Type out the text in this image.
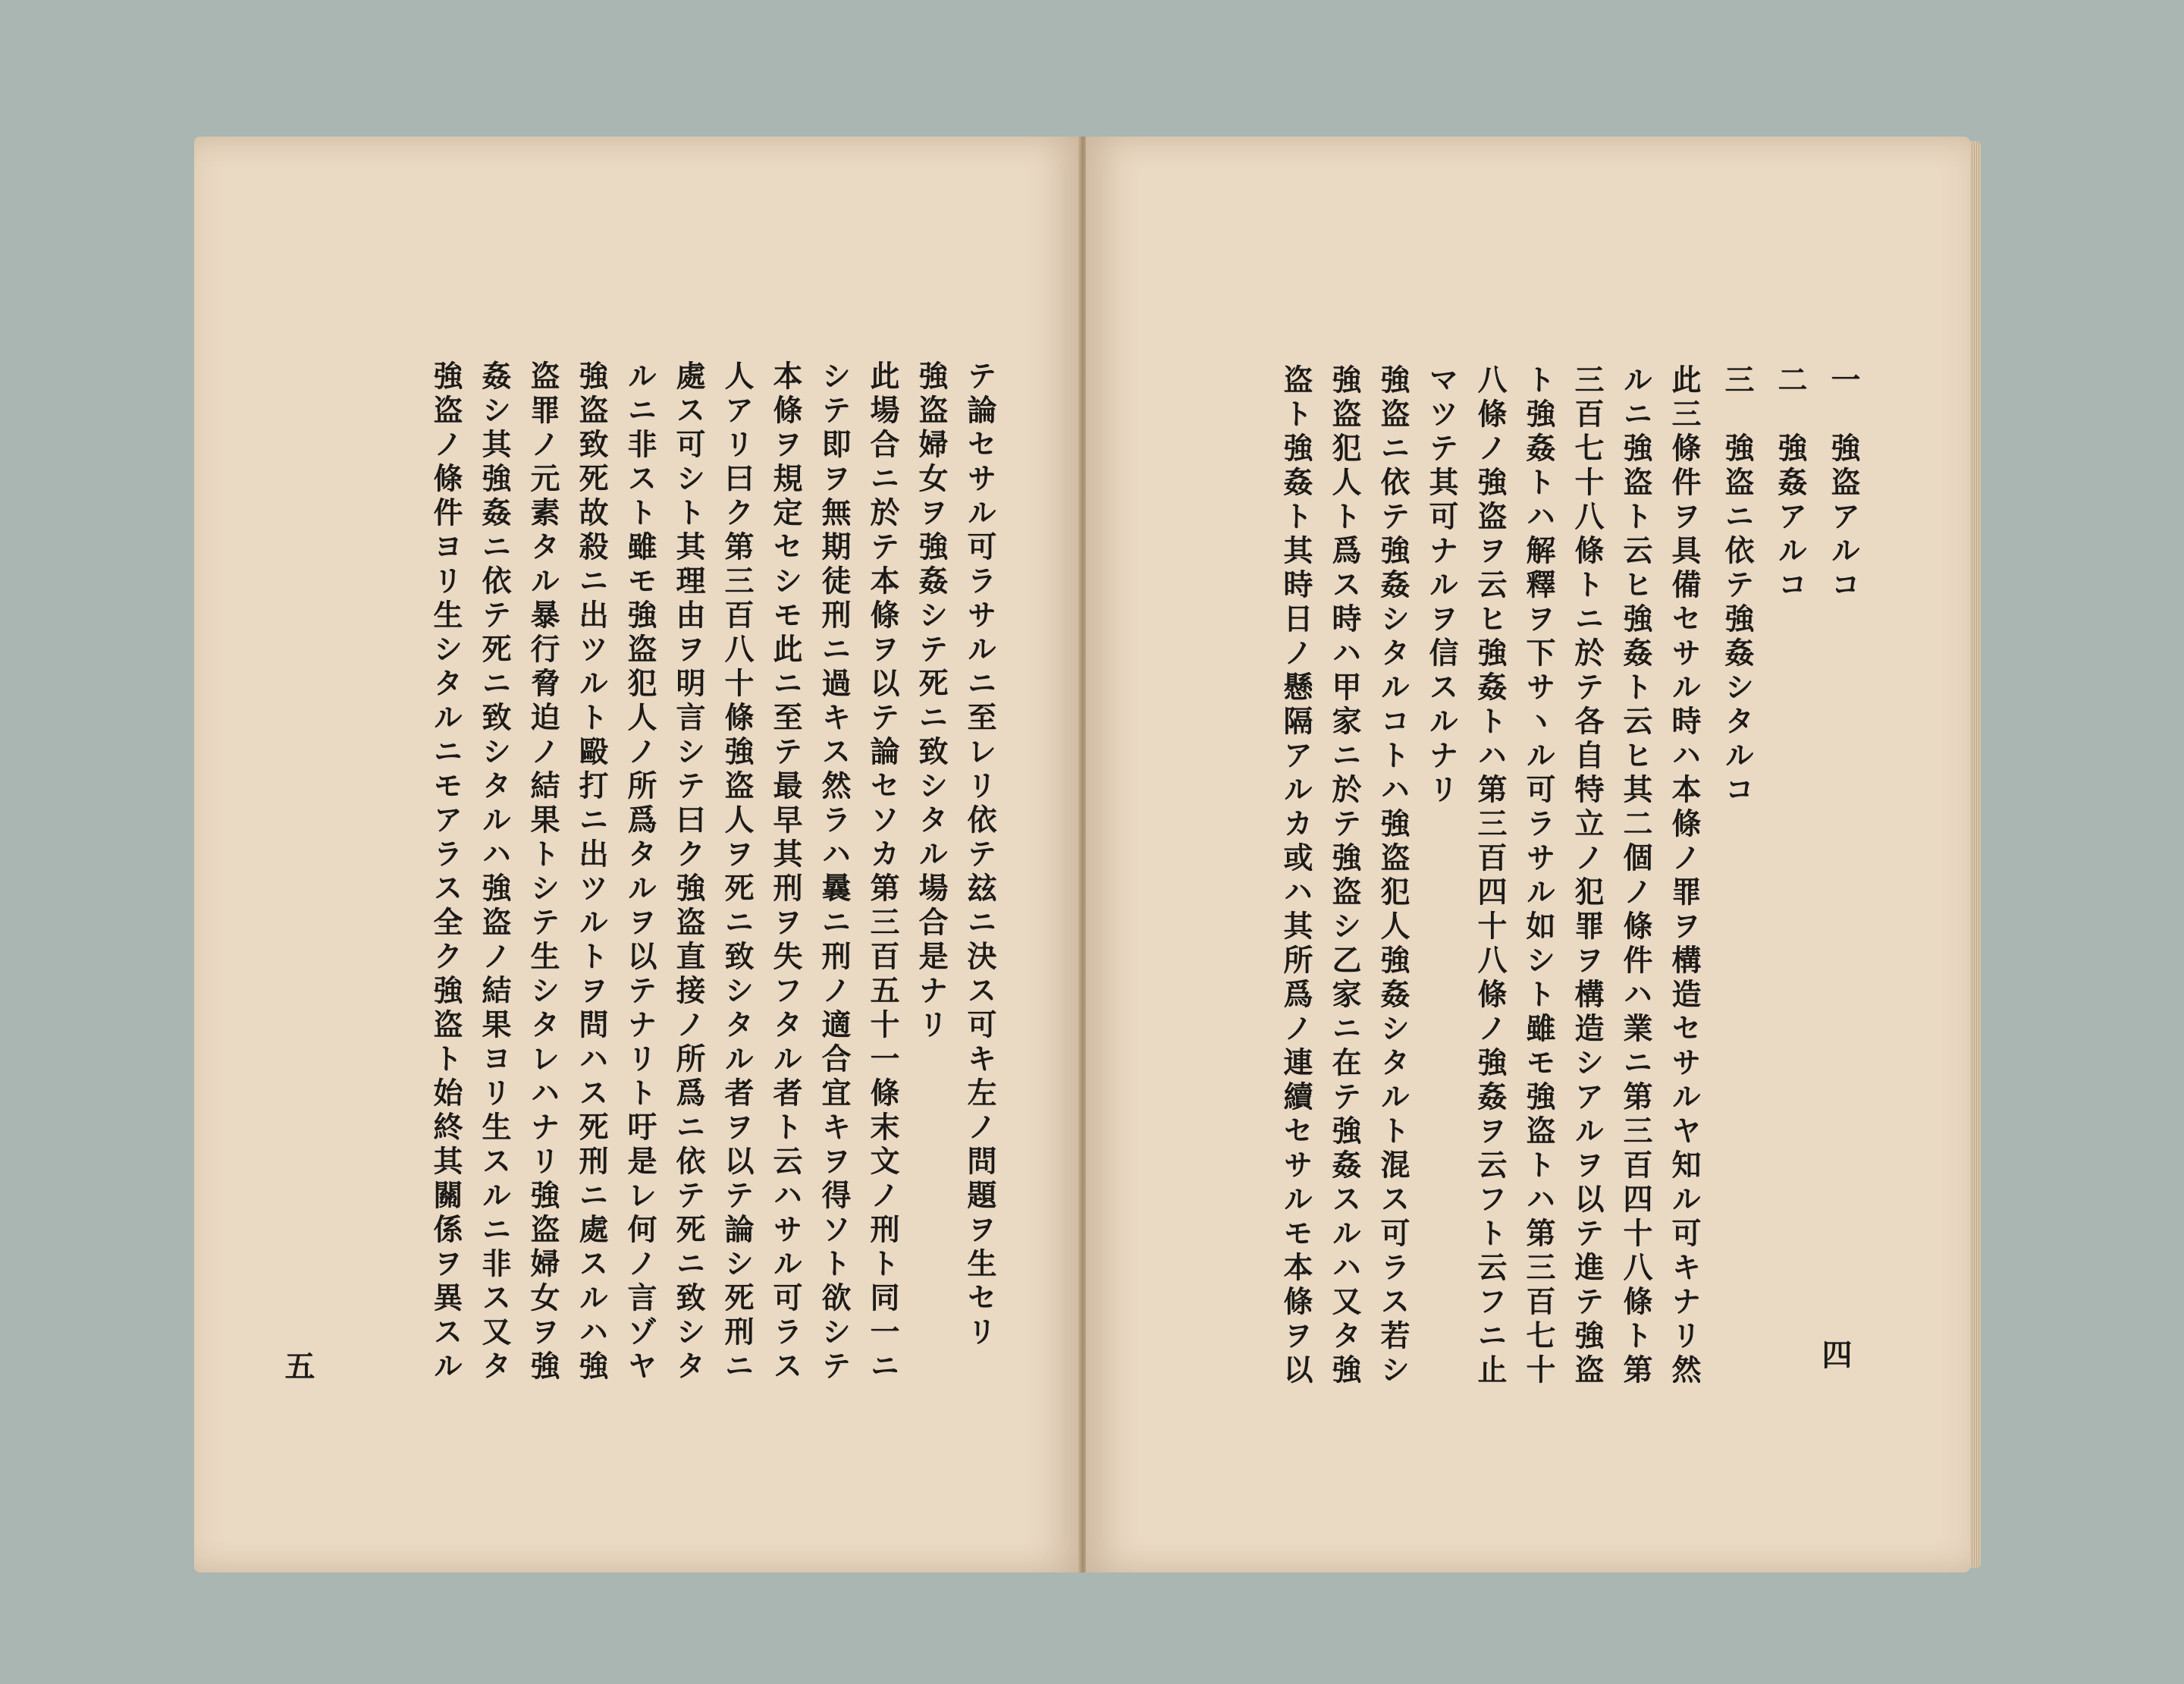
テ論セサル可ラサルニ至レリ依テ玆ニ決ス可キ左ノ問題ヲ生セリ
強盗婦女ヲ強姦シテ死ニ致シタル場合是ナリ
此場合ニ於テ本條ヲ以テ論セソカ第三百五十一條末文ノ刑ト同一ニ
シテ即ヲ無期徒刑ニ過キス然ラハ曩ニ刑ノ適合宜キヲ得ソト欲シテ
本條ヲ規定セシモ此ニ至テ最早其刑ヲ失フタル者ト云ハサル可ラス
人アリ曰ク第三百八十條強盗人ヲ死ニ致シタル者ヲ以テ論シ死刑ニ
處ス可シト其理由ヲ明言シテ曰ク強盗直接ノ所爲ニ依テ死ニ致シタ
ルニ非スト雖モ強盗犯人ノ所爲タルヲ以テナリト吁是レ何ノ言ゾヤ
強盗致死故殺ニ出ツルト毆打ニ出ツルトヲ問ハス死刑ニ處スルハ強
盗罪ノ元素タル暴行脅迫ノ結果トシテ生シタレハナリ強盗婦女ヲ強
姦シ其強姦ニ依テ死ニ致シタルハ強盗ノ結果ヨリ生スルニ非ス又タ
強盗ノ條件ヨリ生シタルニモアラス全ク強盗ト始終其關係ヲ異スル
五
一　強盗アルコ
二　強姦アルコ
三　強盗ニ依テ強姦シタルコ
此三條件ヲ具備セサル時ハ本條ノ罪ヲ構造セサルヤ知ル可キナリ然
ルニ強盗ト云ヒ強姦ト云ヒ其二個ノ條件ハ業ニ第三百四十八條ト第
三百七十八條トニ於テ各自特立ノ犯罪ヲ構造シアルヲ以テ進テ強盗
ト強姦トハ解釋ヲ下サヽル可ラサル如シト雖モ強盗トハ第三百七十
八條ノ強盗ヲ云ヒ強姦トハ第三百四十八條ノ強姦ヲ云フト云フニ止
マツテ其可ナルヲ信スルナリ
強盗ニ依テ強姦シタルコトハ強盗犯人強姦シタルト混ス可ラス若シ
強盗犯人ト爲ス時ハ甲家ニ於テ強盗シ乙家ニ在テ強姦スルハ又タ強
盗ト強姦ト其時日ノ懸隔アルカ或ハ其所爲ノ連續セサルモ本條ヲ以	四
